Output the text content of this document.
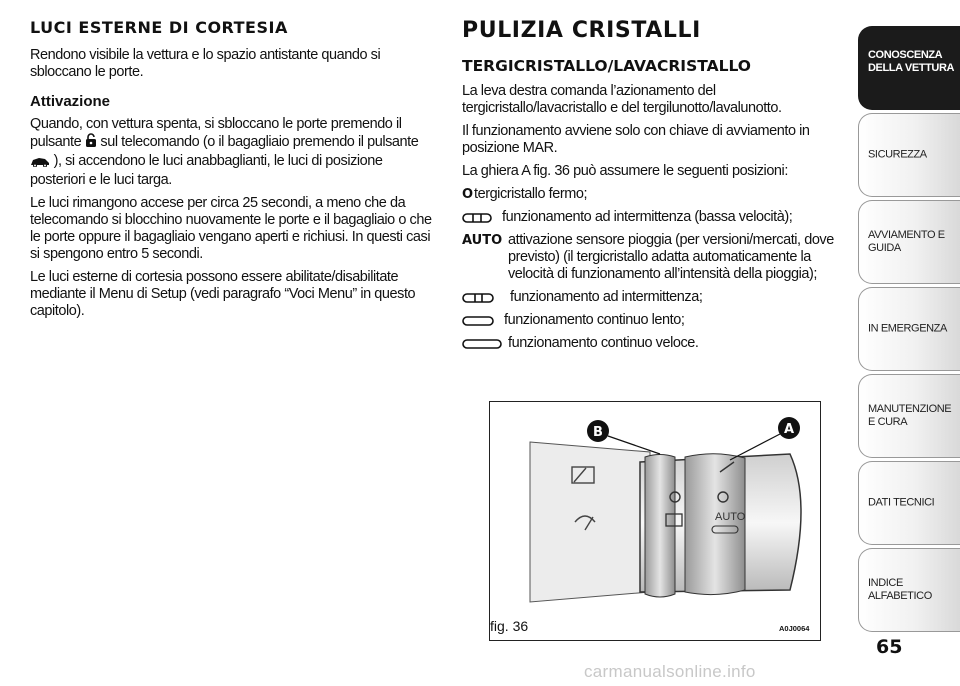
LUCI ESTERNE DI CORTESIA

Rendono visibile la vettura e lo spazio antistante quando si sbloccano le porte.

Attivazione

Quando, con vettura spenta, si sbloccano le porte premendo il pulsante sul telecomando (o il bagagliaio premendo il pulsante  ), si accendono le luci anabbaglianti, le luci di posizione posteriori e le luci targa.

Le luci rimangono accese per circa 25 secondi, a meno che da telecomando si blocchino nuovamente le porte e il bagagliaio o che le porte oppure il bagagliaio vengano aperti e richiusi. In questi casi si spengono entro 5 secondi.

Le luci esterne di cortesia possono essere abilitate/disabilitate mediante il Menu di Setup (vedi paragrafo “Voci Menu” in questo capitolo).

PULIZIA CRISTALLI
TERGICRISTALLO/LAVACRISTALLO

La leva destra comanda l’azionamento del tergicristallo/lavacristallo e del tergilunotto/lavalunotto.

Il funzionamento avviene solo con chiave di avviamento in posizione MAR.

La ghiera A fig. 36 può assumere le seguenti posizioni:

O tergicristallo fermo;
funzionamento ad intermittenza (bassa velocità);
AUTO attivazione sensore pioggia (per versioni/mercati, dove previsto) (il tergicristallo adatta automaticamente la velocità di funzionamento all’intensità della pioggia);
funzionamento ad intermittenza;
funzionamento continuo lento;
funzionamento continuo veloce.
AUTO
B	A
fig. 36	A0J0064
CONOSCENZA DELLA VETTURA
SICUREZZA
AVVIAMENTO E GUIDA
IN EMERGENZA
MANUTENZIONE E CURA
DATI TECNICI
INDICE ALFABETICO
65
carmanualsonline.info
